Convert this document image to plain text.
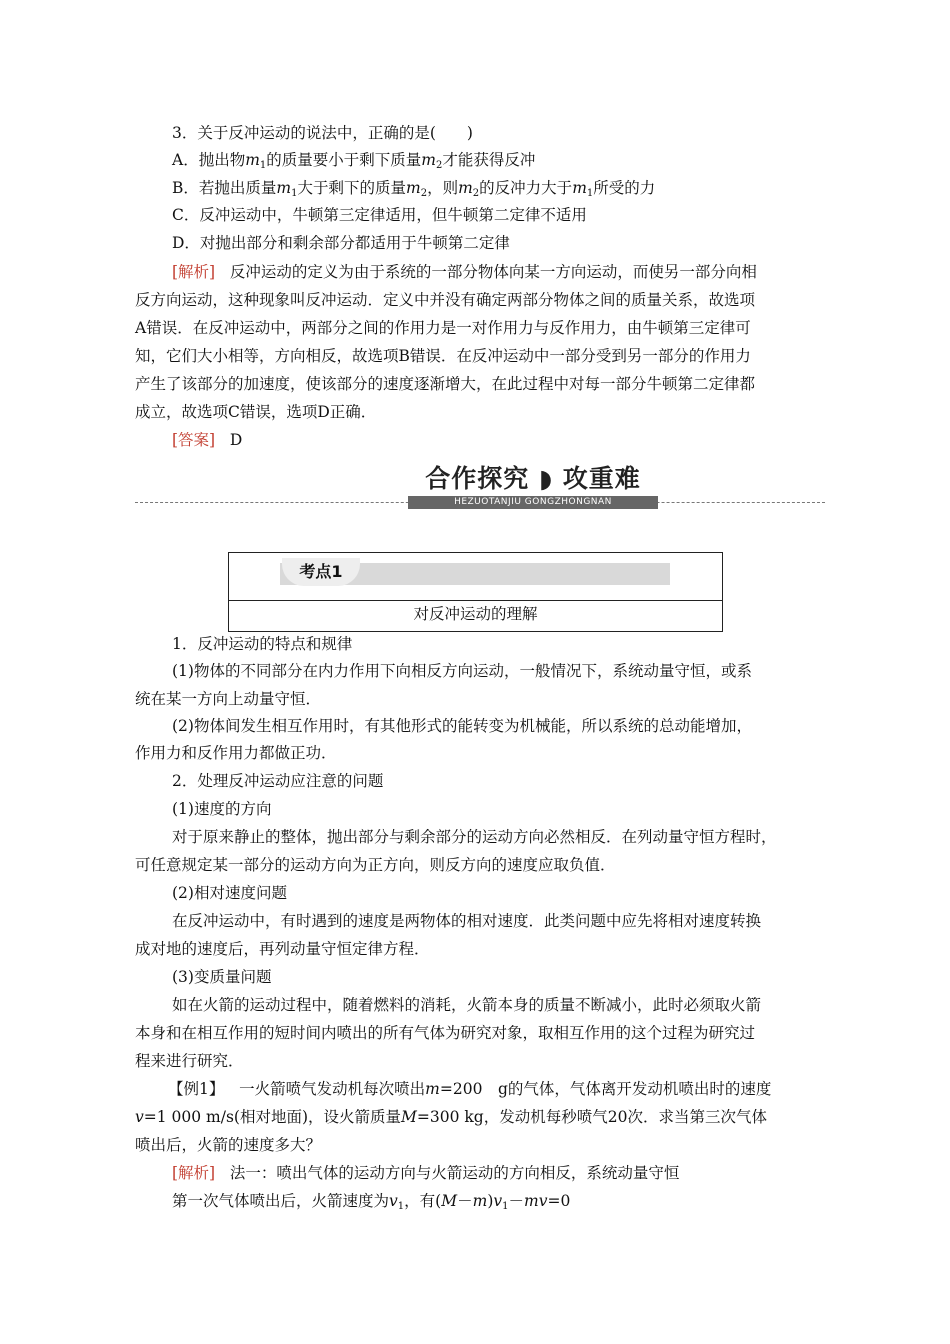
3．关于反冲运动的说法中，正确的是(　　)
A．抛出物$m_1$的质量要小于剩下质量$m_2$才能获得反冲
B．若抛出质量$m_1$大于剩下的质量$m_2$，则$m_2$的反冲力大于$m_1$所受的力
C．反冲运动中，牛顿第三定律适用，但牛顿第二定律不适用
D．对抛出部分和剩余部分都适用于牛顿第二定律
[解析] 反冲运动的定义为由于系统的一部分物体向某一方向运动，而使另一部分向相
反方向运动，这种现象叫反冲运动．定义中并没有确定两部分物体之间的质量关系，故选项
A错误．在反冲运动中，两部分之间的作用力是一对作用力与反作用力，由牛顿第三定律可
知，它们大小相等，方向相反，故选项B错误．在反冲运动中一部分受到另一部分的作用力
产生了该部分的加速度，使该部分的速度逐渐增大，在此过程中对每一部分牛顿第二定律都
成立，故选项C错误，选项D正确．
[答案] D
合作探究 ◗ 攻重难
HEZUOTANJIU GONGZHONGNAN
考点1
对反冲运动的理解
1．反冲运动的特点和规律
(1)物体的不同部分在内力作用下向相反方向运动，一般情况下，系统动量守恒，或系
统在某一方向上动量守恒．
(2)物体间发生相互作用时，有其他形式的能转变为机械能，所以系统的总动能增加，
作用力和反作用力都做正功．
2．处理反冲运动应注意的问题
(1)速度的方向
对于原来静止的整体，抛出部分与剩余部分的运动方向必然相反．在列动量守恒方程时，
可任意规定某一部分的运动方向为正方向，则反方向的速度应取负值．
(2)相对速度问题
在反冲运动中，有时遇到的速度是两物体的相对速度．此类问题中应先将相对速度转换
成对地的速度后，再列动量守恒定律方程．
(3)变质量问题
如在火箭的运动过程中，随着燃料的消耗，火箭本身的质量不断减小，此时必须取火箭
本身和在相互作用的短时间内喷出的所有气体为研究对象，取相互作用的这个过程为研究过
程来进行研究．
【例1】 一火箭喷气发动机每次喷出m=200　g的气体，气体离开发动机喷出时的速度
v=1 000 m/s(相对地面)，设火箭质量M=300 kg，发动机每秒喷气20次．求当第三次气体
喷出后，火箭的速度多大？
[解析] 法一：喷出气体的运动方向与火箭运动的方向相反，系统动量守恒
第一次气体喷出后，火箭速度为$v_1$，有$(M-m)v_1-mv=0$
